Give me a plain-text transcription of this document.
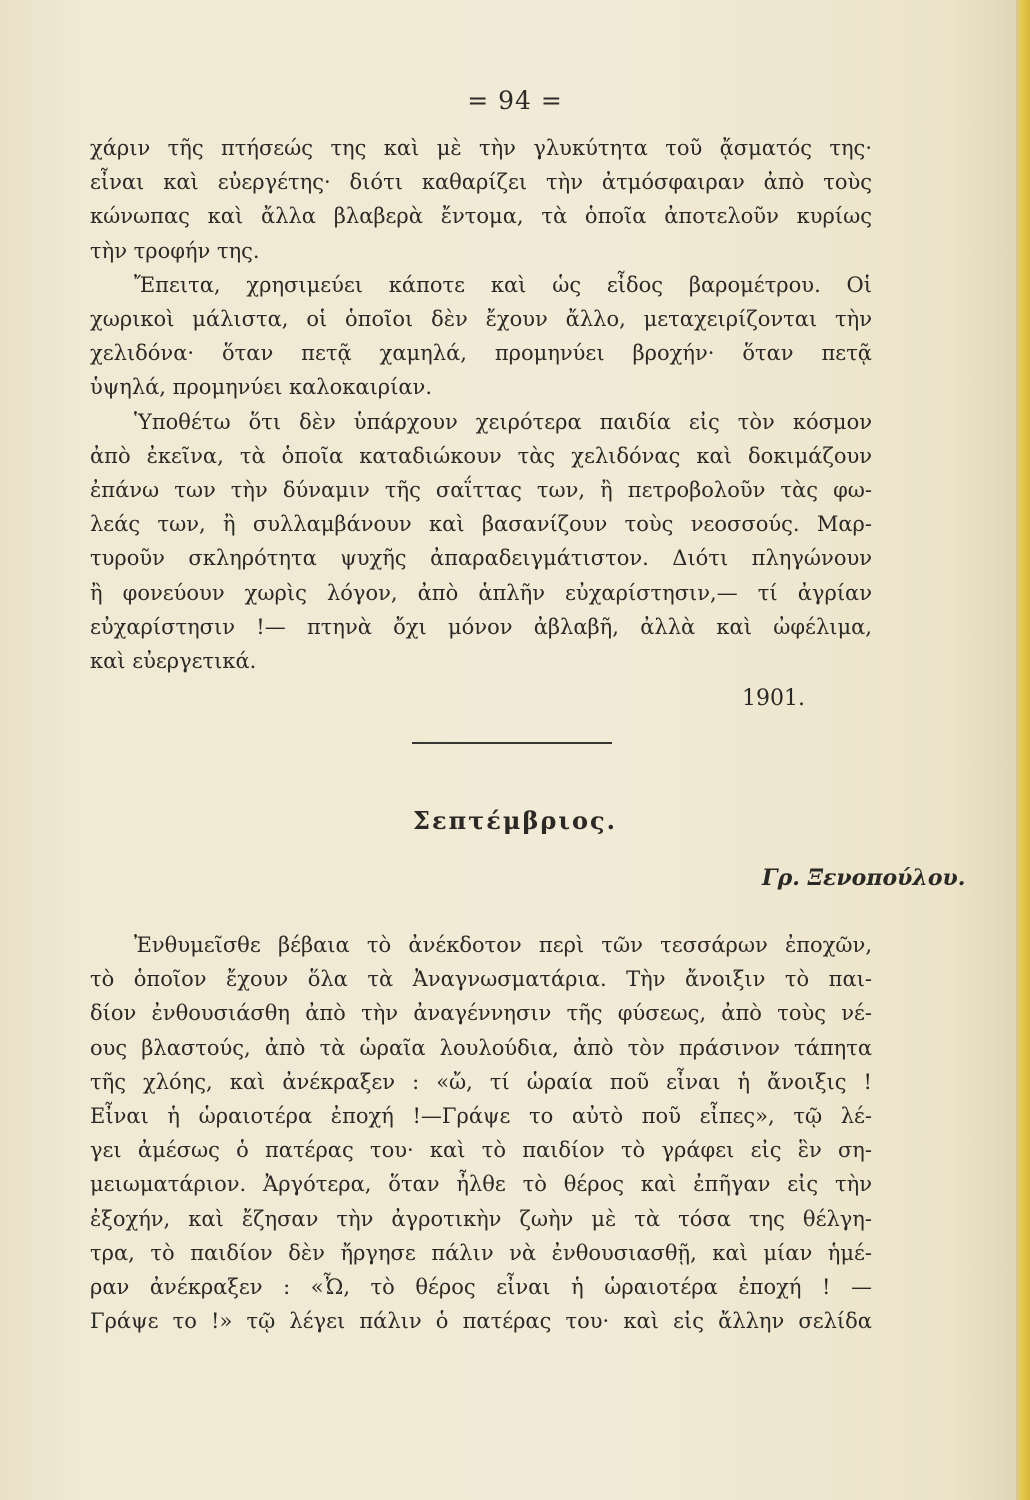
= 94 =
χάριν τῆς πτήσεώς της καὶ μὲ τὴν γλυκύτητα τοῦ ᾄσματός της·
εἶναι καὶ εὐεργέτης· διότι καθαρίζει τὴν ἀτμόσφαιραν ἀπὸ τοὺς
κώνωπας καὶ ἄλλα βλαβερὰ ἔντομα, τὰ ὁποῖα ἀποτελοῦν κυρίως
τὴν τροφήν της.
Ἔπειτα, χρησιμεύει κάποτε καὶ ὡς εἶδος βαρομέτρου. Οἱ
χωρικοὶ μάλιστα, οἱ ὁποῖοι δὲν ἔχουν ἄλλο, μεταχειρίζονται τὴν
χελιδόνα· ὅταν πετᾷ χαμηλά, προμηνύει βροχήν· ὅταν πετᾷ
ὑψηλά, προμηνύει καλοκαιρίαν.
Ὑποθέτω ὅτι δὲν ὑπάρχουν χειρότερα παιδία εἰς τὸν κόσμον
ἀπὸ ἐκεῖνα, τὰ ὁποῖα καταδιώκουν τὰς χελιδόνας καὶ δοκιμάζουν
ἐπάνω των τὴν δύναμιν τῆς σαΐττας των, ἢ πετροβολοῦν τὰς φω-
λεάς των, ἢ συλλαμβάνουν καὶ βασανίζουν τοὺς νεοσσούς. Μαρ-
τυροῦν σκληρότητα ψυχῆς ἀπαραδειγμάτιστον. Διότι πληγώνουν
ἢ φονεύουν χωρὶς λόγον, ἀπὸ ἁπλῆν εὐχαρίστησιν,— τί ἀγρίαν
εὐχαρίστησιν !— πτηνὰ ὄχι μόνον ἀβλαβῆ, ἀλλὰ καὶ ὠφέλιμα,
καὶ εὐεργετικά.
1901.
Σεπτέμβριος.
Γρ. Ξενοπούλου.
Ἐνθυμεῖσθε βέβαια τὸ ἀνέκδοτον περὶ τῶν τεσσάρων ἐποχῶν,
τὸ ὁποῖον ἔχουν ὅλα τὰ Ἀναγνωσματάρια. Τὴν ἄνοιξιν τὸ παι-
δίον ἐνθουσιάσθη ἀπὸ τὴν ἀναγέννησιν τῆς φύσεως, ἀπὸ τοὺς νέ-
ους βλαστούς, ἀπὸ τὰ ὡραῖα λουλούδια, ἀπὸ τὸν πράσινον τάπητα
τῆς χλόης, καὶ ἀνέκραξεν : «ὤ, τί ὡραία ποῦ εἶναι ἡ ἄνοιξις !
Εἶναι ἡ ὡραιοτέρα ἐποχή !—Γράψε το αὐτὸ ποῦ εἶπες», τῷ λέ-
γει ἀμέσως ὁ πατέρας του· καὶ τὸ παιδίον τὸ γράφει εἰς ἓν ση-
μειωματάριον. Ἀργότερα, ὅταν ἦλθε τὸ θέρος καὶ ἐπῆγαν εἰς τὴν
ἐξοχήν, καὶ ἔζησαν τὴν ἀγροτικὴν ζωὴν μὲ τὰ τόσα της θέλγη-
τρα, τὸ παιδίον δὲν ἤργησε πάλιν νὰ ἐνθουσιασθῇ, καὶ μίαν ἡμέ-
ραν ἀνέκραξεν : «Ὦ, τὸ θέρος εἶναι ἡ ὡραιοτέρα ἐποχή ! —
Γράψε το !» τῷ λέγει πάλιν ὁ πατέρας του· καὶ εἰς ἄλλην σελίδα
